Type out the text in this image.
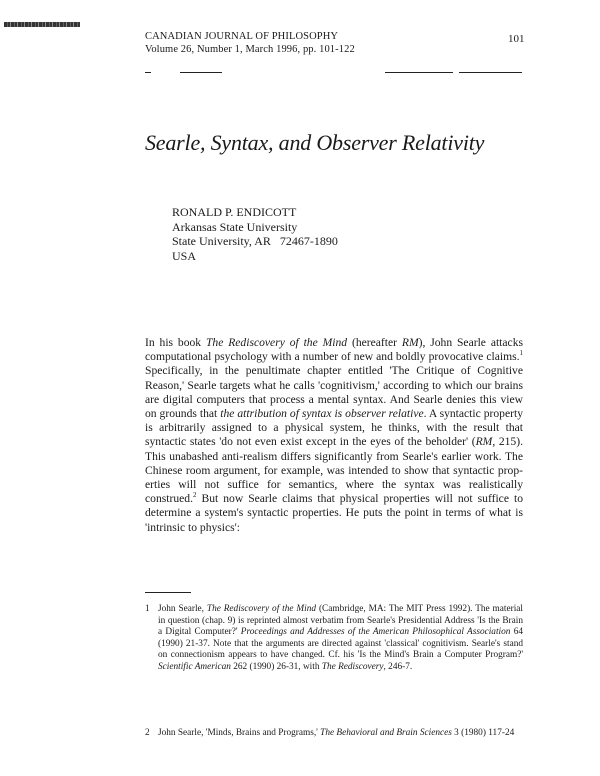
CANADIAN JOURNAL OF PHILOSOPHY
Volume 26, Number 1, March 1996, pp. 101-122
101
Searle, Syntax, and Observer Relativity
RONALD P. ENDICOTT
Arkansas State University
State University, AR   72467-1890
USA

In his book The Rediscovery of the Mind (hereafter RM), John Searle attacks computational psychology with a number of new and boldly provocative claims.$^1$ Specifically, in the penultimate chapter entitled 'The Critique of Cognitive Reason,' Searle targets what he calls 'cognitivism,' according to which our brains are digital computers that process a mental syntax. And Searle denies this view on grounds that the attribution of syntax is observer relative. A syntactic property is arbitrarily assigned to a physical system, he thinks, with the result that syntactic states 'do not even exist except in the eyes of the beholder' (RM, 215). This unabashed anti-realism differs significantly from Searle's earlier work. The Chinese room argument, for example, was intended to show that syntactic properties will not suffice for semantics, where the syntax was realistically construed.$^2$ But now Searle claims that physical properties will not suffice to determine a system's syntactic properties. He puts the point in terms of what is 'intrinsic to physics':

1 John Searle, The Rediscovery of the Mind (Cambridge, MA: The MIT Press 1992). The material in question (chap. 9) is reprinted almost verbatim from Searle's Presidential Address 'Is the Brain a Digital Computer?' Proceedings and Addresses of the American Philosophical Association 64 (1990) 21-37. Note that the arguments are directed against 'classical' cognitivism. Searle's stand on connectionism appears to have changed. Cf. his 'Is the Mind's Brain a Computer Program?' Scientific American 262 (1990) 26-31, with The Rediscovery, 246-7.
2 John Searle, 'Minds, Brains and Programs,' The Behavioral and Brain Sciences 3 (1980) 117-24
